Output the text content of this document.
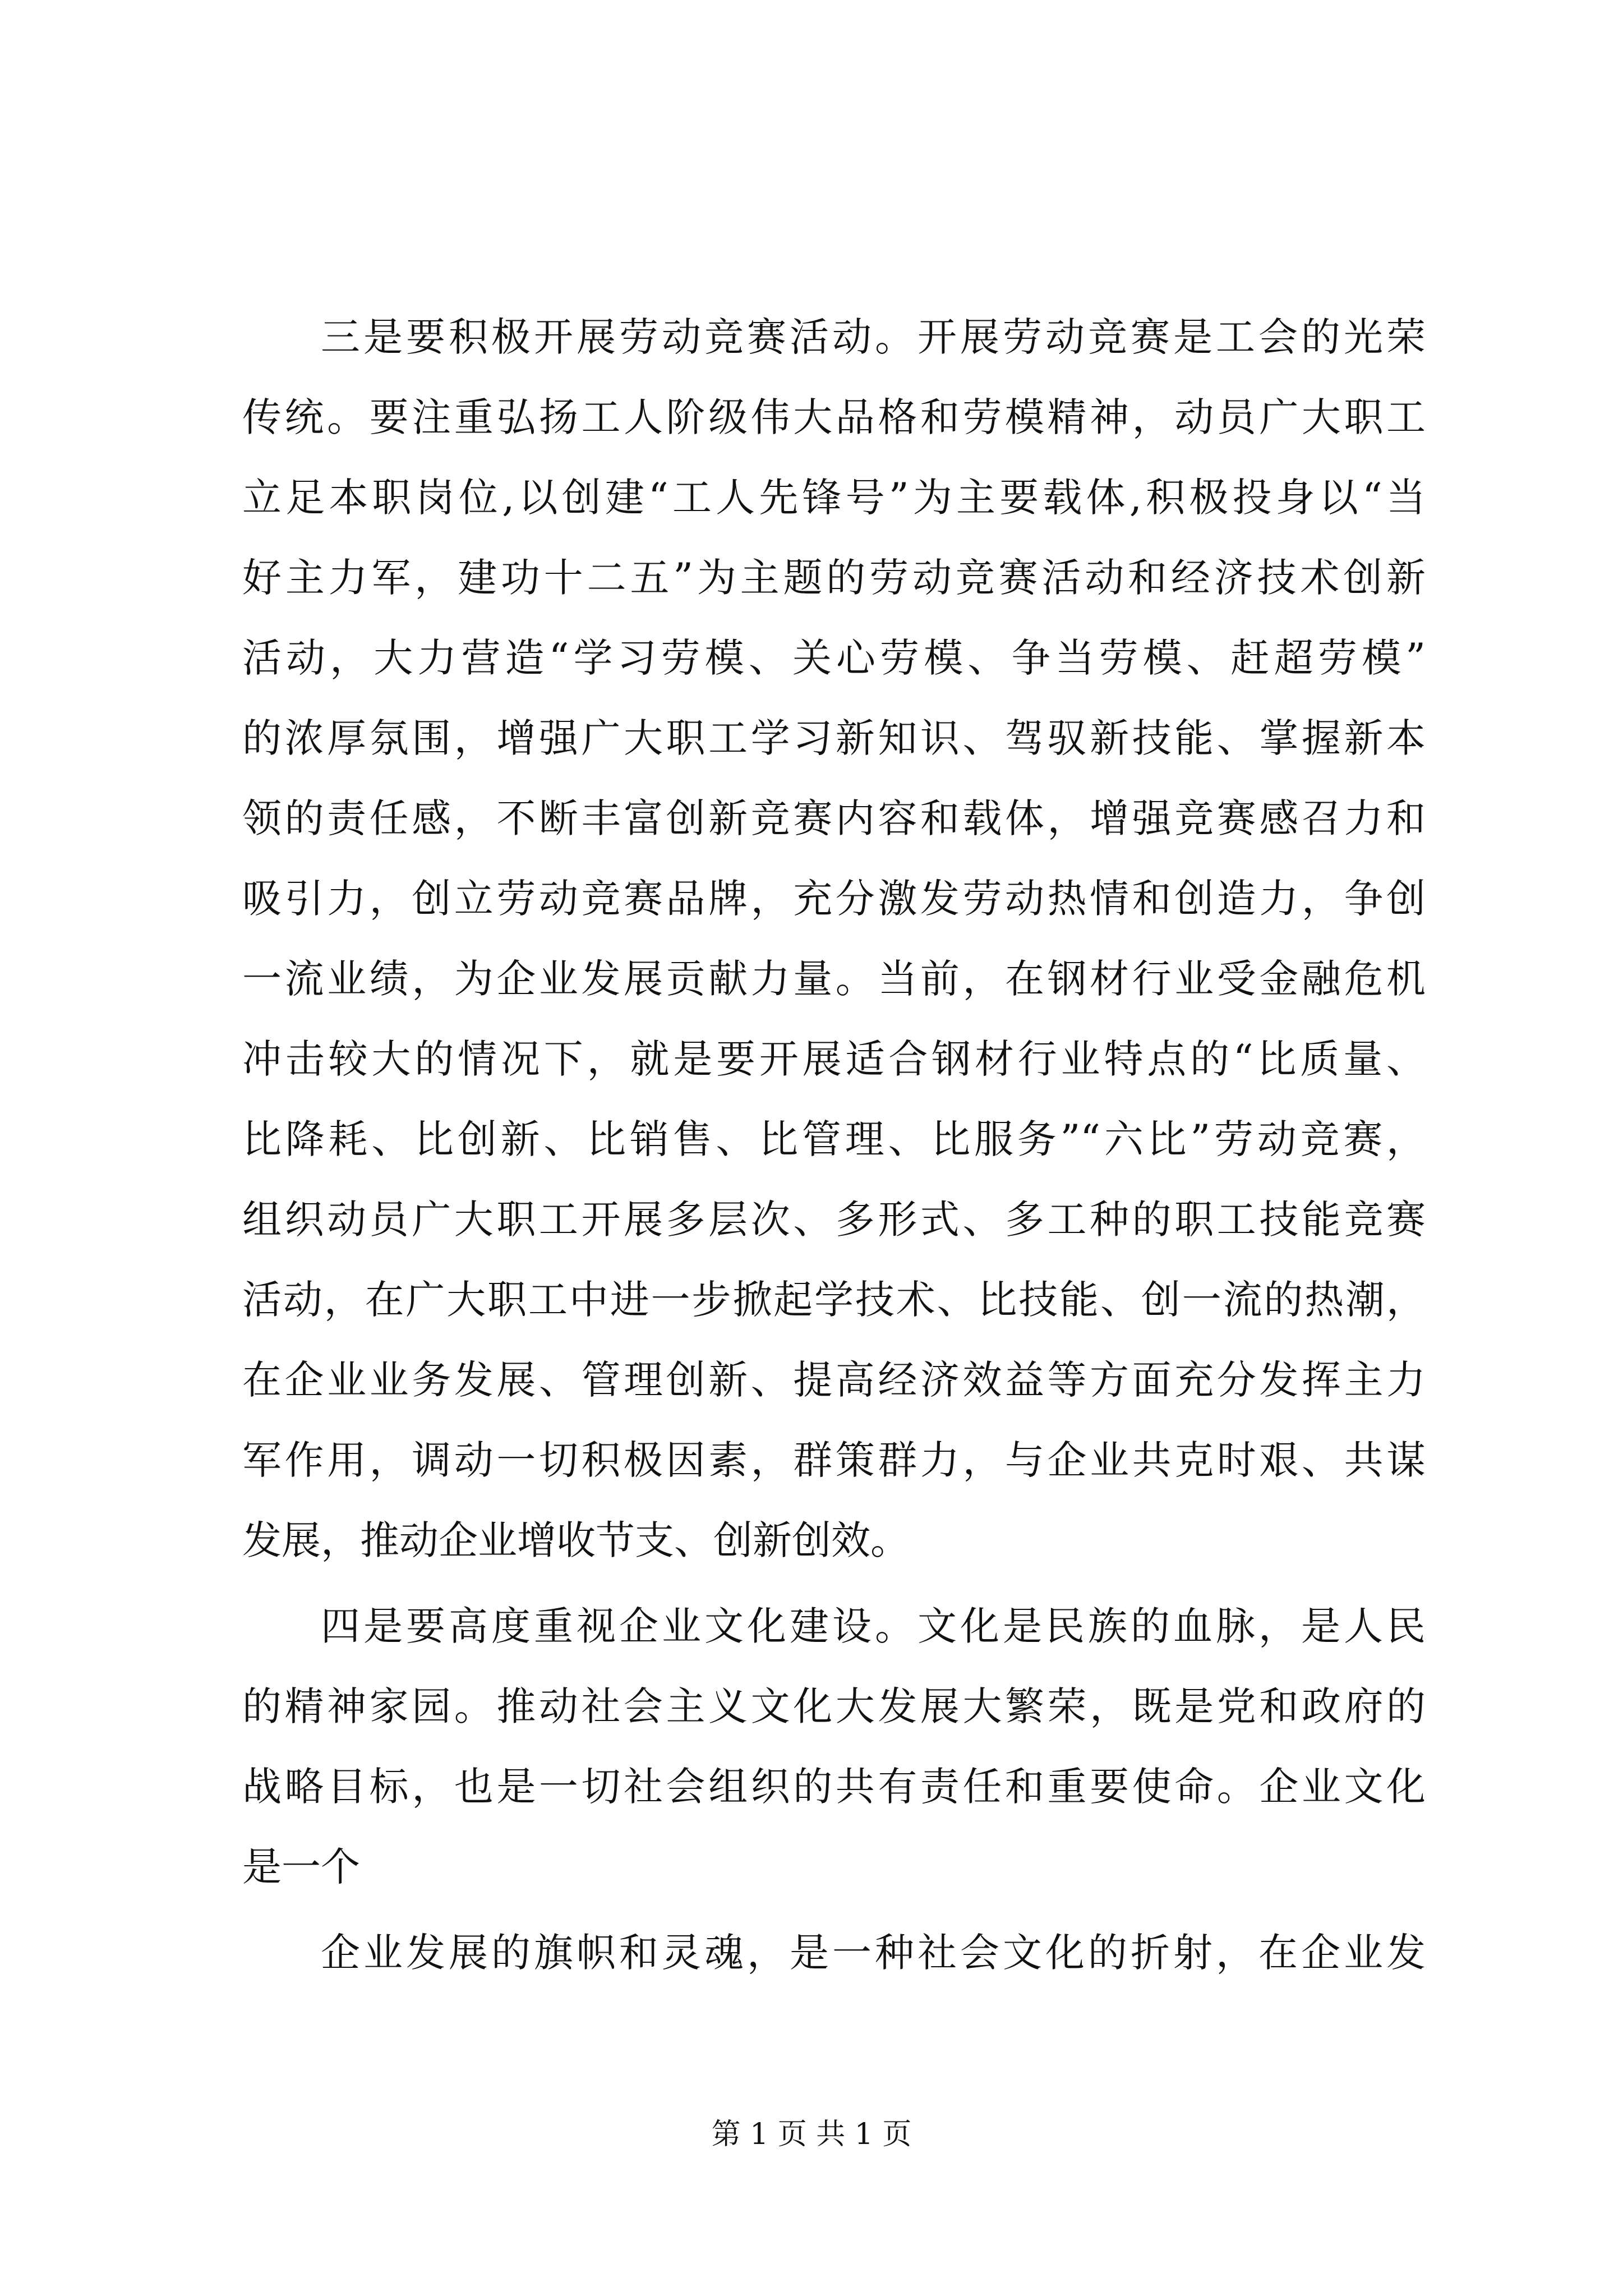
三是要积极开展劳动竞赛活动。开展劳动竞赛是工会的光荣
传统。要注重弘扬工人阶级伟大品格和劳模精神，动员广大职工
立足本职岗位,以创建“工人先锋号”为主要载体,积极投身以“当
好主力军，建功十二五”为主题的劳动竞赛活动和经济技术创新
活动，大力营造“学习劳模、关心劳模、争当劳模、赶超劳模”
的浓厚氛围，增强广大职工学习新知识、驾驭新技能、掌握新本
领的责任感，不断丰富创新竞赛内容和载体，增强竞赛感召力和
吸引力，创立劳动竞赛品牌，充分激发劳动热情和创造力，争创
一流业绩，为企业发展贡献力量。当前，在钢材行业受金融危机
冲击较大的情况下，就是要开展适合钢材行业特点的“比质量、
比降耗、比创新、比销售、比管理、比服务”“六比”劳动竞赛，
组织动员广大职工开展多层次、多形式、多工种的职工技能竞赛
活动，在广大职工中进一步掀起学技术、比技能、创一流的热潮，
在企业业务发展、管理创新、提高经济效益等方面充分发挥主力
军作用，调动一切积极因素，群策群力，与企业共克时艰、共谋
发展，推动企业增收节支、创新创效。
四是要高度重视企业文化建设。文化是民族的血脉，是人民
的精神家园。推动社会主义文化大发展大繁荣，既是党和政府的
战略目标，也是一切社会组织的共有责任和重要使命。企业文化
是一个
企业发展的旗帜和灵魂，是一种社会文化的折射，在企业发
第 1 页 共 1 页
